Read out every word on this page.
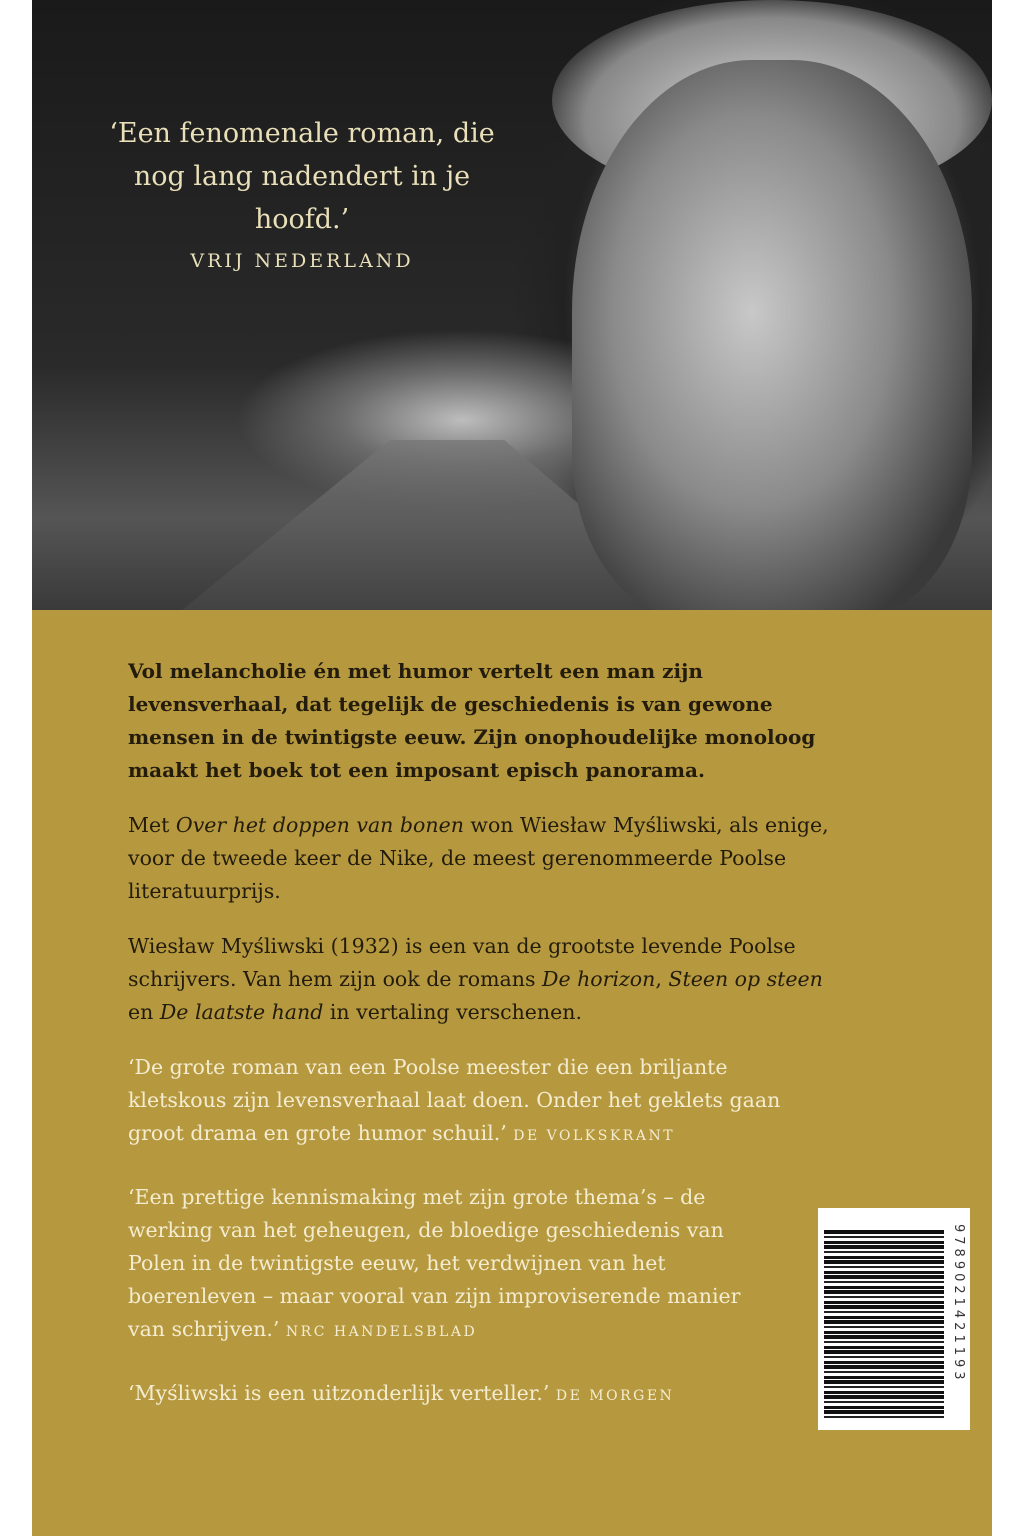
‘Een fenomenale roman, die nog lang nadendert in je hoofd.’
VRIJ NEDERLAND

Vol melancholie én met humor vertelt een man zijn levensverhaal, dat tegelijk de geschiedenis is van gewone mensen in de twintigste eeuw. Zijn onophoudelijke monoloog maakt het boek tot een imposant episch panorama.

Met Over het doppen van bonen won Wiesław Myśliwski, als enige, voor de tweede keer de Nike, de meest gerenommeerde Poolse literatuurprijs.

Wiesław Myśliwski (1932) is een van de grootste levende Poolse schrijvers. Van hem zijn ook de romans De horizon, Steen op steen en De laatste hand in vertaling verschenen.

‘De grote roman van een Poolse meester die een briljante kletskous zijn levensverhaal laat doen. Onder het geklets gaan groot drama en grote humor schuil.’ DE VOLKSKRANT

‘Een prettige kennismaking met zijn grote thema’s – de werking van het geheugen, de bloedige geschiedenis van Polen in de twintigste eeuw, het verdwijnen van het boerenleven – maar vooral van zijn improviserende manier van schrijven.’ NRC HANDELSBLAD

‘Myśliwski is een uitzonderlijk verteller.’ DE MORGEN

9789021421193
